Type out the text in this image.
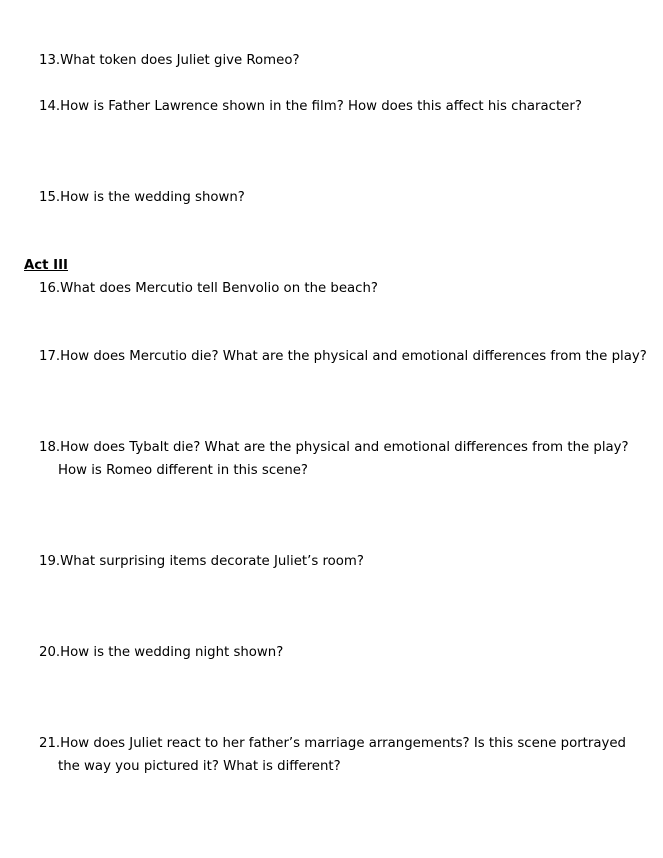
13.What token does Juliet give Romeo?

14.How is Father Lawrence shown in the film? How does this affect his character?

15.How is the wedding shown?

Act III

16.What does Mercutio tell Benvolio on the beach?

17.How does Mercutio die? What are the physical and emotional differences from the play?

18.How does Tybalt die? What are the physical and emotional differences from the play?
How is Romeo different in this scene?

19.What surprising items decorate Juliet’s room?

20.How is the wedding night shown?

21.How does Juliet react to her father’s marriage arrangements? Is this scene portrayed
the way you pictured it? What is different?
